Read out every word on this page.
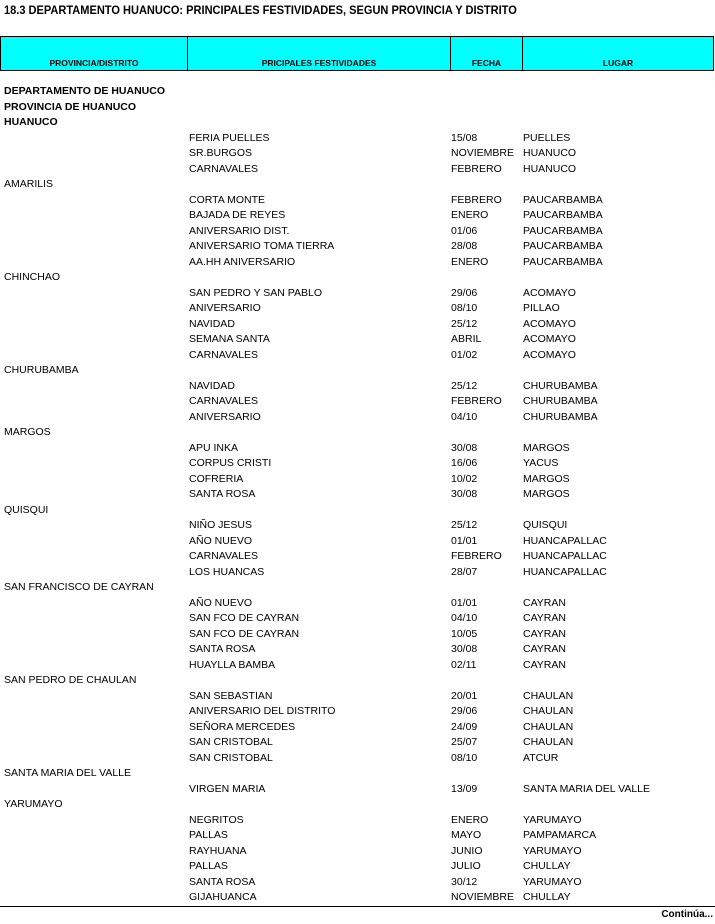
18.3 DEPARTAMENTO HUANUCO: PRINCIPALES FESTIVIDADES, SEGUN PROVINCIA Y DISTRITO
PROVINCIA/DISTRITO	PRICIPALES FESTIVIDADES	FECHA	LUGAR
DEPARTAMENTO DE HUANUCO
PROVINCIA DE HUANUCO
HUANUCO
FERIA PUELLES	15/08	PUELLES
SR.BURGOS	NOVIEMBRE HUANUCO
CARNAVALES	FEBRERO HUANUCO
AMARILIS
CORTA MONTE	FEBRERO PAUCARBAMBA
BAJADA DE REYES	ENERO	PAUCARBAMBA
ANIVERSARIO DIST.	01/06	PAUCARBAMBA
ANIVERSARIO TOMA TIERRA	28/08	PAUCARBAMBA
AA.HH ANIVERSARIO	ENERO	PAUCARBAMBA
CHINCHAO
SAN PEDRO Y SAN PABLO	29/06	ACOMAYO
ANIVERSARIO	08/10	PILLAO
NAVIDAD	25/12	ACOMAYO
SEMANA SANTA	ABRIL	ACOMAYO
CARNAVALES	01/02	ACOMAYO
CHURUBAMBA
NAVIDAD	25/12	CHURUBAMBA
CARNAVALES	FEBRERO CHURUBAMBA
ANIVERSARIO	04/10	CHURUBAMBA
MARGOS
APU INKA	30/08	MARGOS
CORPUS CRISTI	16/06	YACUS
COFRERIA	10/02	MARGOS
SANTA ROSA	30/08	MARGOS
QUISQUI
NIÑO JESUS	25/12	QUISQUI
AÑO NUEVO	01/01	HUANCAPALLAC
CARNAVALES	FEBRERO HUANCAPALLAC
LOS HUANCAS	28/07	HUANCAPALLAC
SAN FRANCISCO DE CAYRAN
AÑO NUEVO	01/01	CAYRAN
SAN FCO DE CAYRAN	04/10	CAYRAN
SAN FCO DE CAYRAN	10/05	CAYRAN
SANTA ROSA	30/08	CAYRAN
HUAYLLA BAMBA	02/11	CAYRAN
SAN PEDRO DE CHAULAN
SAN SEBASTIAN	20/01	CHAULAN
ANIVERSARIO DEL DISTRITO	29/06	CHAULAN
SEÑORA MERCEDES	24/09	CHAULAN
SAN CRISTOBAL	25/07	CHAULAN
SAN CRISTOBAL	08/10	ATCUR
SANTA MARIA DEL VALLE
VIRGEN MARIA	13/09	SANTA MARIA DEL VALLE
YARUMAYO
NEGRITOS	ENERO	YARUMAYO
PALLAS	MAYO	PAMPAMARCA
RAYHUANA	JUNIO	YARUMAYO
PALLAS	JULIO	CHULLAY
SANTA ROSA	30/12	YARUMAYO
GIJAHUANCA	NOVIEMBRE CHULLAY
Continúa...
